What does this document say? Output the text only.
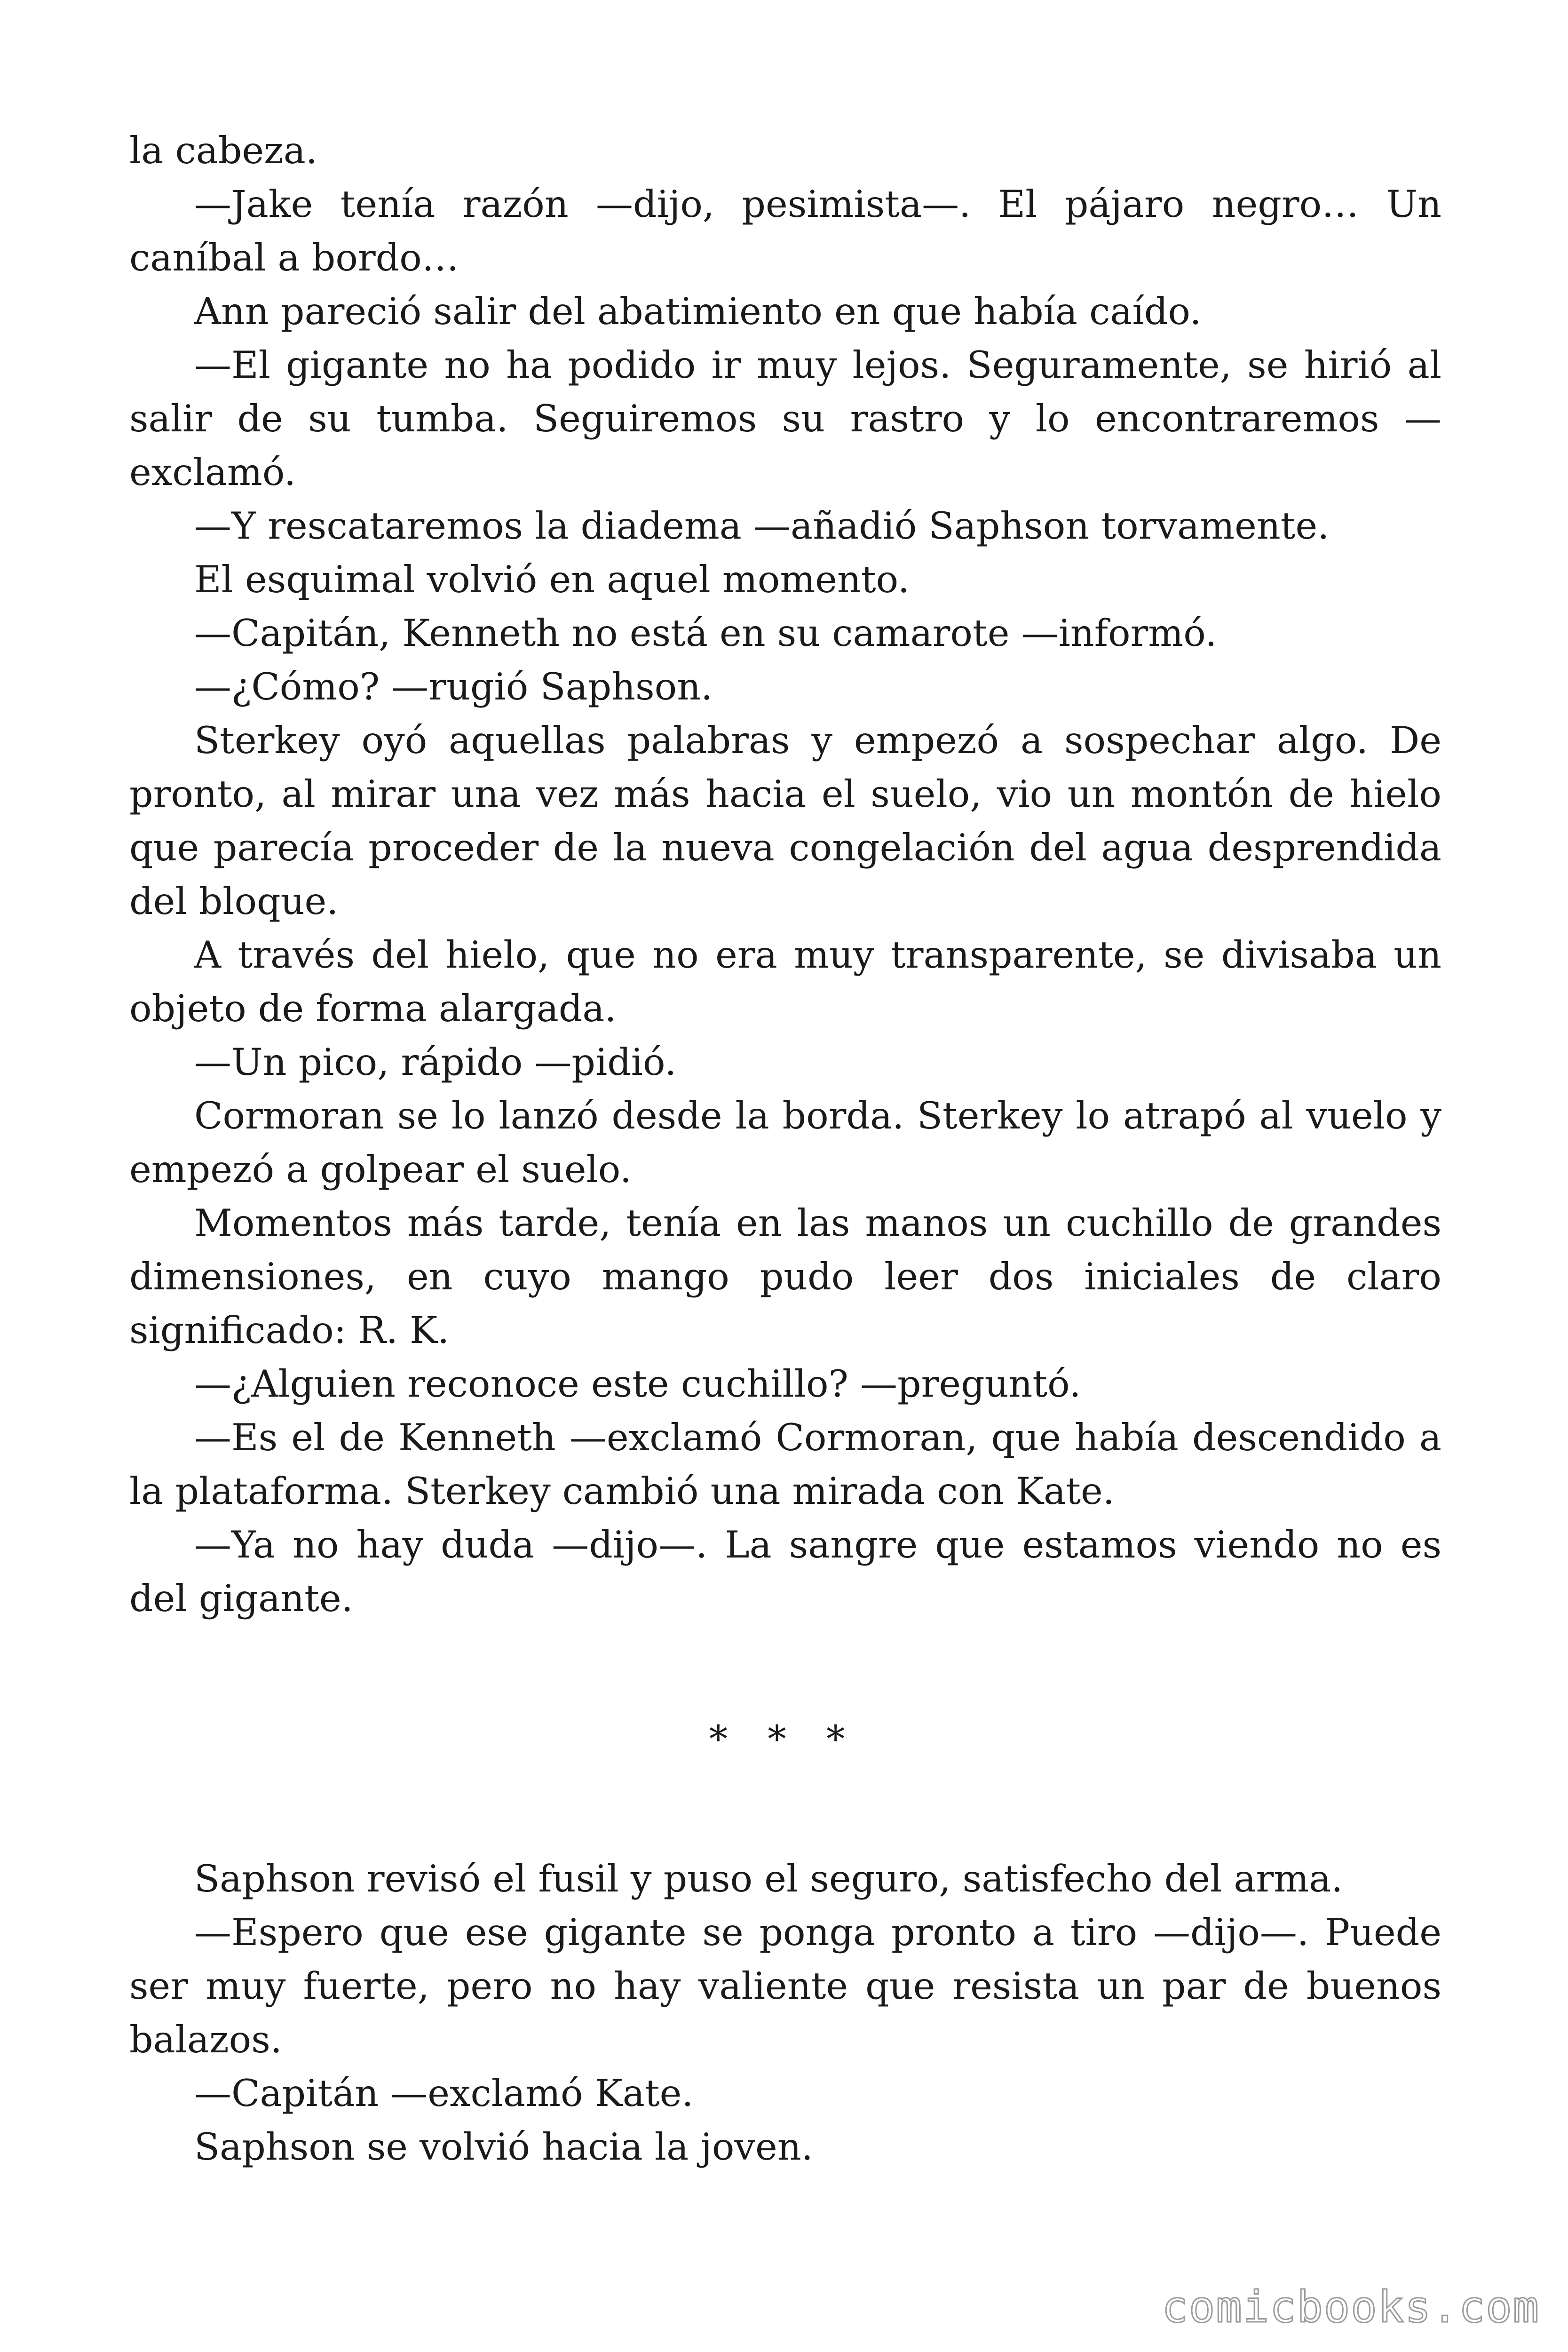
la cabeza.

—Jake tenía razón —dijo, pesimista—. El pájaro negro… Un caníbal a bordo…

Ann pareció salir del abatimiento en que había caído.

—El gigante no ha podido ir muy lejos. Seguramente, se hirió al salir de su tumba. Seguiremos su rastro y lo encontraremos —exclamó.

—Y rescataremos la diadema —añadió Saphson torvamente.

El esquimal volvió en aquel momento.

—Capitán, Kenneth no está en su camarote —informó.

—¿Cómo? —rugió Saphson.

Sterkey oyó aquellas palabras y empezó a sospechar algo. De pronto, al mirar una vez más hacia el suelo, vio un montón de hielo que parecía proceder de la nueva congelación del agua desprendida del bloque.

A través del hielo, que no era muy transparente, se divisaba un objeto de forma alargada.

—Un pico, rápido —pidió.

Cormoran se lo lanzó desde la borda. Sterkey lo atrapó al vuelo y empezó a golpear el suelo.

Momentos más tarde, tenía en las manos un cuchillo de grandes dimensiones, en cuyo mango pudo leer dos iniciales de claro significado: R. K.

—¿Alguien reconoce este cuchillo? —preguntó.

—Es el de Kenneth —exclamó Cormoran, que había descendido a la plataforma. Sterkey cambió una mirada con Kate.

—Ya no hay duda —dijo—. La sangre que estamos viendo no es del gigante.

* * *

Saphson revisó el fusil y puso el seguro, satisfecho del arma.

—Espero que ese gigante se ponga pronto a tiro —dijo—. Puede ser muy fuerte, pero no hay valiente que resista un par de buenos balazos.

—Capitán —exclamó Kate.

Saphson se volvió hacia la joven.

comicbooks.com
